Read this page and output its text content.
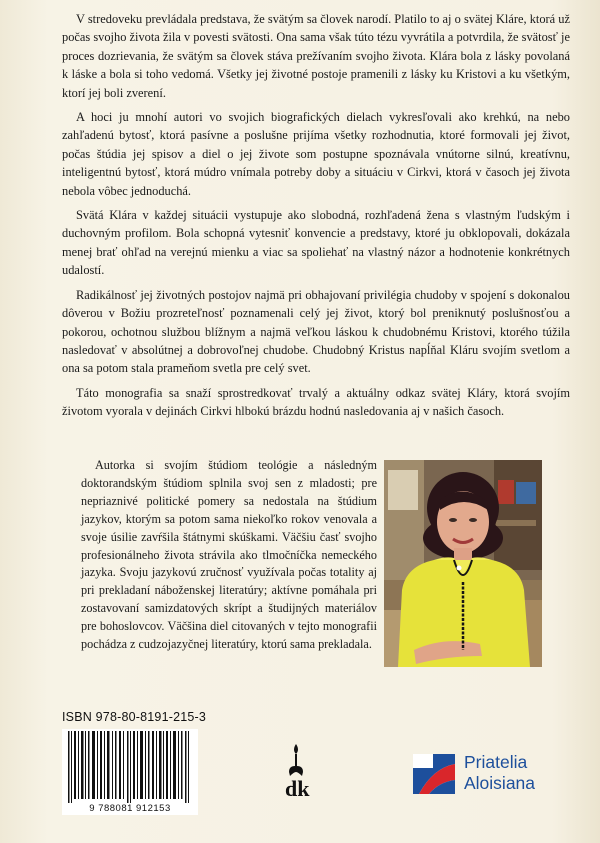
V stredoveku prevládala predstava, že svätým sa človek narodí. Platilo to aj o svätej Kláre, ktorá už počas svojho života žila v povesti svätosti. Ona sama však túto tézu vyvrátila a potvrdila, že svätosť je proces dozrievania, že svätým sa človek stáva prežívaním svojho života. Klára bola z lásky povolaná k láske a bola si toho vedomá. Všetky jej životné postoje pramenili z lásky ku Kristovi a ku všetkým, ktorí jej boli zverení.

A hoci ju mnohí autori vo svojich biografických dielach vykresľovali ako krehkú, na nebo zahľadenú bytosť, ktorá pasívne a poslušne prijíma všetky rozhodnutia, ktoré formovali jej život, počas štúdia jej spisov a diel o jej živote som postupne spoznávala vnútorne silnú, kreatívnu, inteligentnú bytosť, ktorá múdro vnímala potreby doby a situáciu v Cirkvi, ktorá v časoch jej života nebola vôbec jednoduchá.

Svätá Klára v každej situácii vystupuje ako slobodná, rozhľadená žena s vlastným ľudským i duchovným profilom. Bola schopná vytesniť konvencie a predstavy, ktoré ju obklopovali, dokázala menej brať ohľad na verejnú mienku a viac sa spoliehať na vlastný názor a hodnotenie konkrétnych udalostí.

Radikálnosť jej životných postojov najmä pri obhajovaní privilégia chudoby v spojení s dokonalou dôverou v Božiu prozreteľnosť poznamenali celý jej život, ktorý bol preniknutý poslušnosťou a pokorou, ochotnou službou blížnym a najmä veľkou láskou k chudobnému Kristovi, ktorého túžila nasledovať v absolútnej a dobrovoľnej chudobe. Chudobný Kristus napĺňal Kláru svojím svetlom a ona sa potom stala prameňom svetla pre celý svet.

Táto monografia sa snaží sprostredkovať trvalý a aktuálny odkaz svätej Kláry, ktorá svojím životom vyorala v dejinách Cirkvi hlbokú brázdu hodnú nasledovania aj v našich časoch.

Autorka si svojím štúdiom teológie a následným doktorandským štúdiom splnila svoj sen z mladosti; pre nepriaznivé politické pomery sa nedostala na štúdium jazykov, ktorým sa potom sama niekoľko rokov venovala a svoje úsilie zavŕšila štátnymi skúškami. Väčšiu časť svojho profesionálneho života strávila ako tlmočníčka nemeckého jazyka. Svoju jazykovú zručnosť využívala počas totality aj pri prekladaní náboženskej literatúry; aktívne pomáhala pri zostavovaní samizdatových skrípt a študijných materiálov pre bohoslovcov. Väčšina diel citovaných v tejto monografii pochádza z cudzojazyčnej literatúry, ktorú sama prekladala.

ISBN 978-80-8191-215-3
9 788081 912153
dk
Priatelia
Aloisiana
